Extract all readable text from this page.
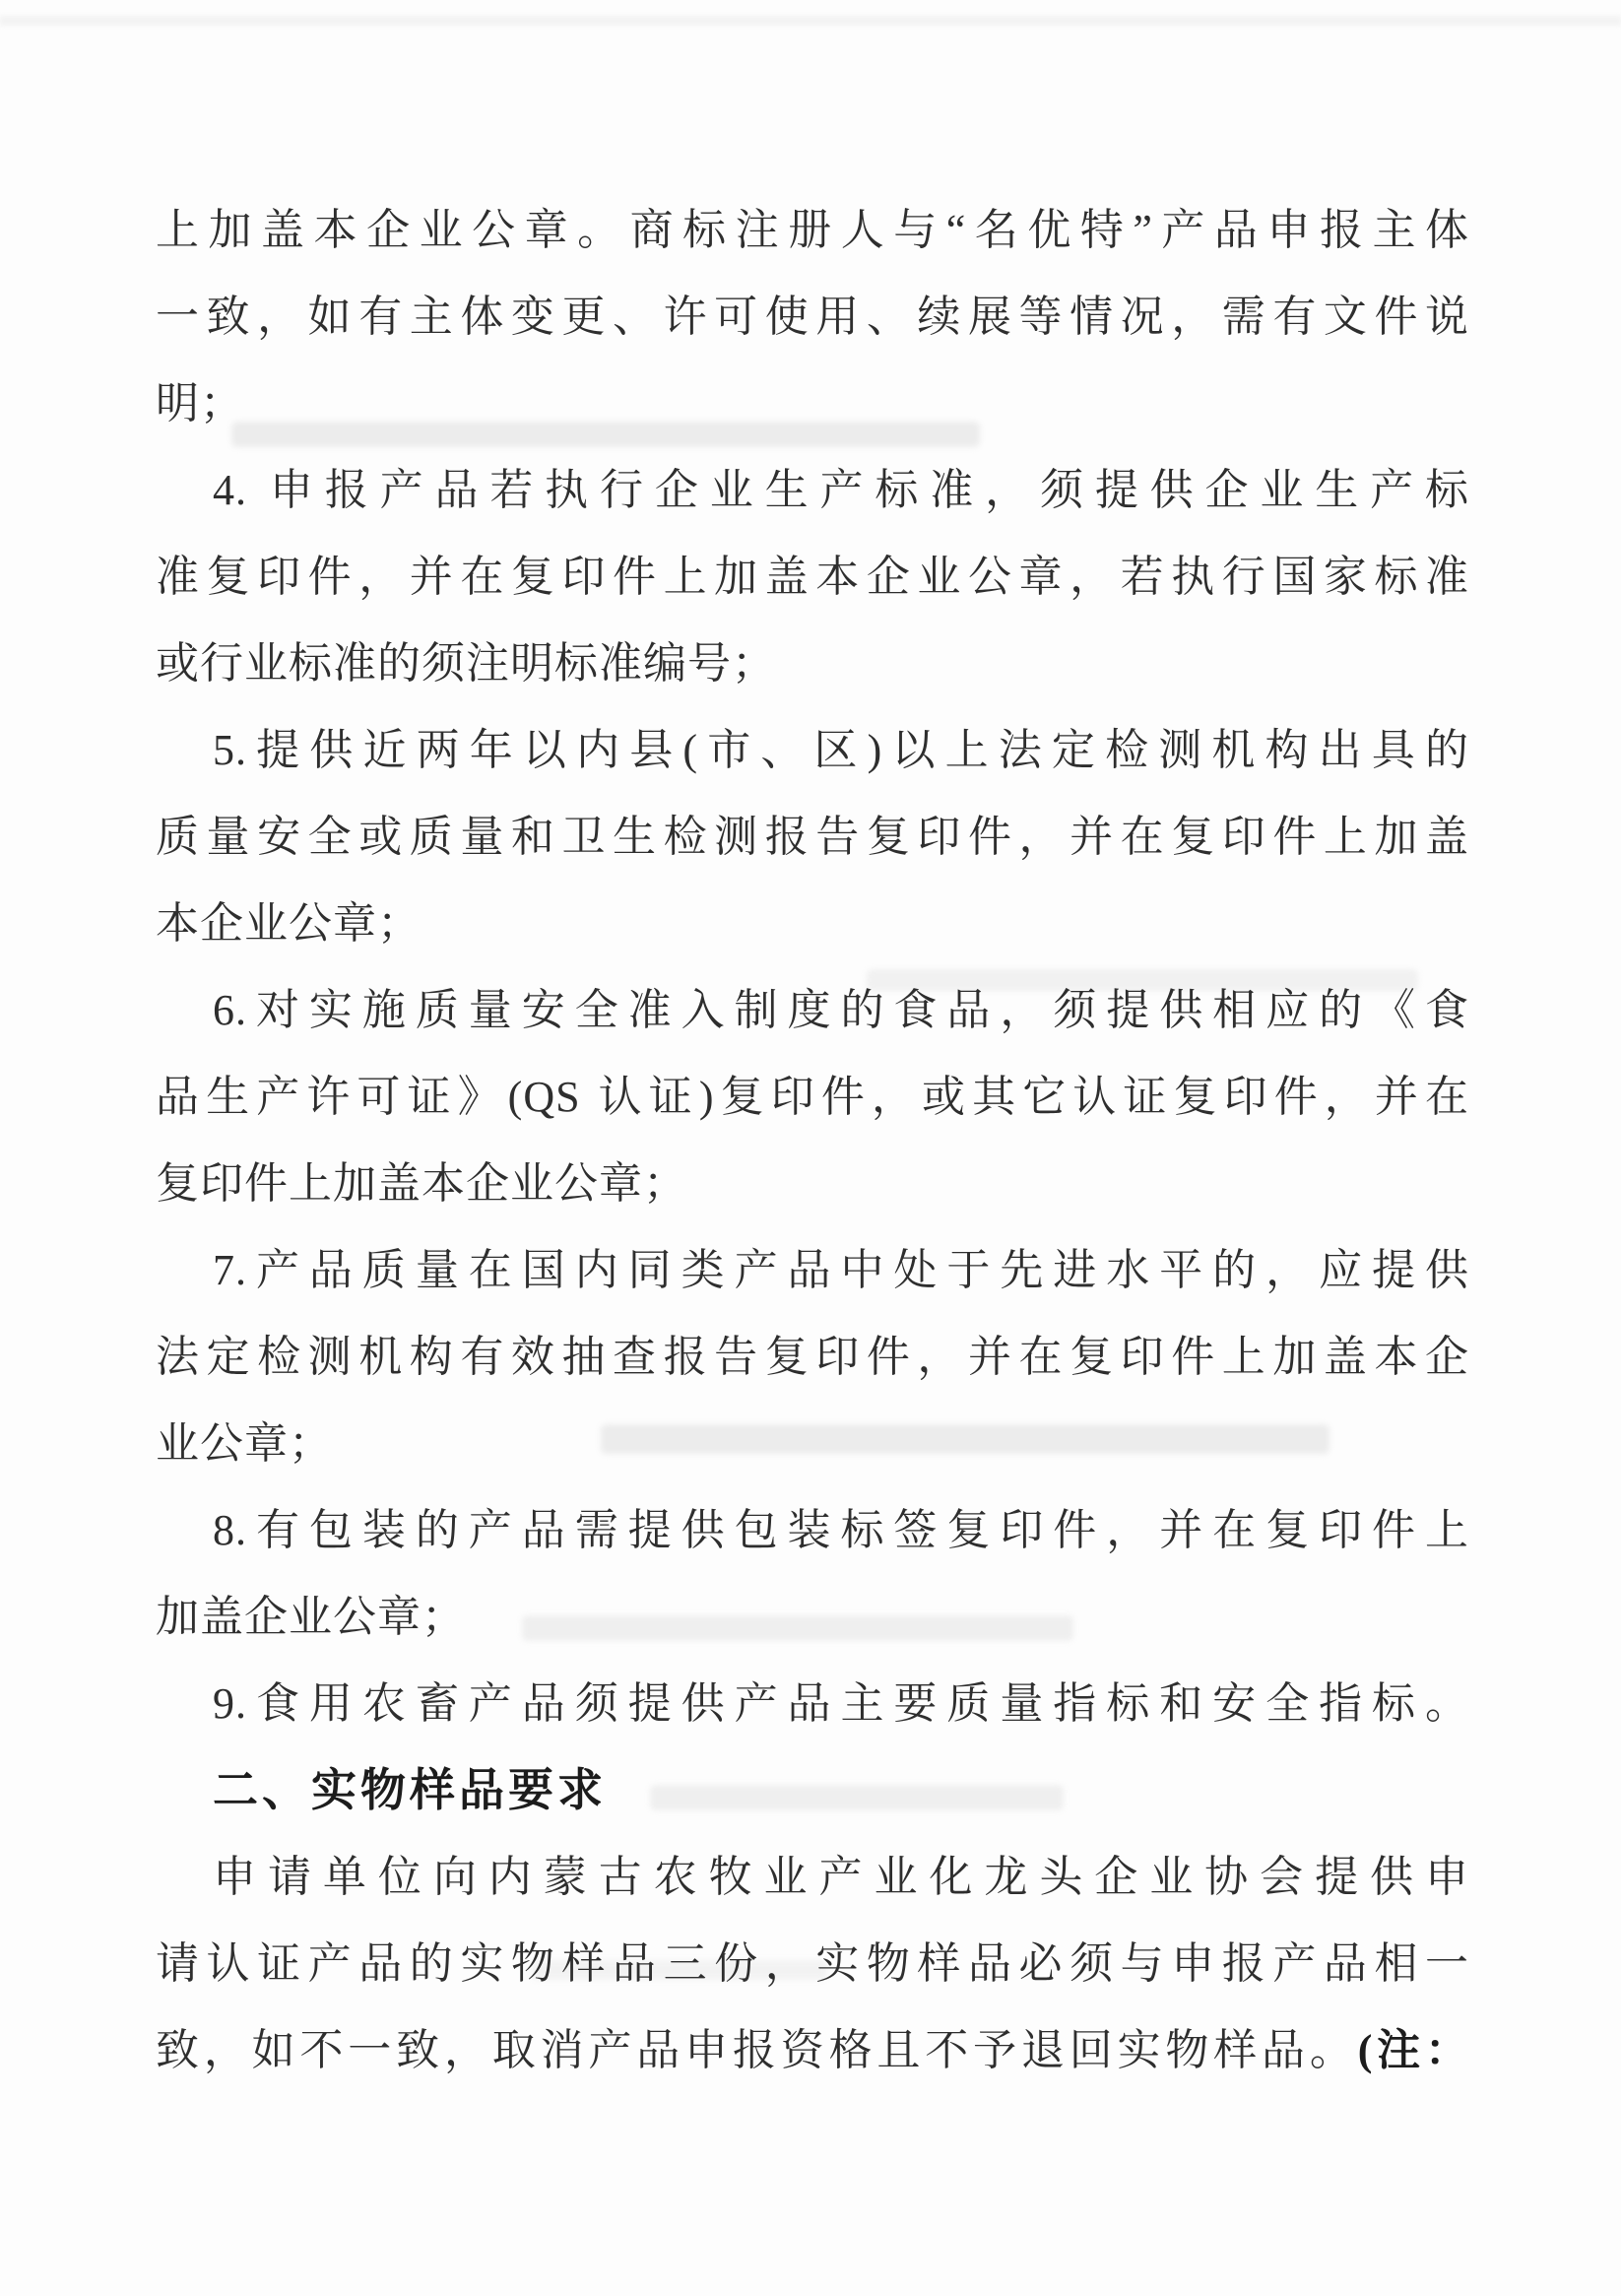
上加盖本企业公章。商标注册人与“名优特”产品申报主体
一致，如有主体变更、许可使用、续展等情况，需有文件说
明；
4. 申报产品若执行企业生产标准，须提供企业生产标
准复印件，并在复印件上加盖本企业公章，若执行国家标准
或行业标准的须注明标准编号；
5.提供近两年以内县(市、区)以上法定检测机构出具的
质量安全或质量和卫生检测报告复印件，并在复印件上加盖
本企业公章；
6.对实施质量安全准入制度的食品，须提供相应的《食
品生产许可证》(QS 认证)复印件，或其它认证复印件，并在
复印件上加盖本企业公章；
7.产品质量在国内同类产品中处于先进水平的，应提供
法定检测机构有效抽查报告复印件，并在复印件上加盖本企
业公章；
8.有包装的产品需提供包装标签复印件，并在复印件上
加盖企业公章；
9.食用农畜产品须提供产品主要质量指标和安全指标。
二、实物样品要求
申请单位向内蒙古农牧业产业化龙头企业协会提供申
请认证产品的实物样品三份，实物样品必须与申报产品相一
致，如不一致，取消产品申报资格且不予退回实物样品。(注：
